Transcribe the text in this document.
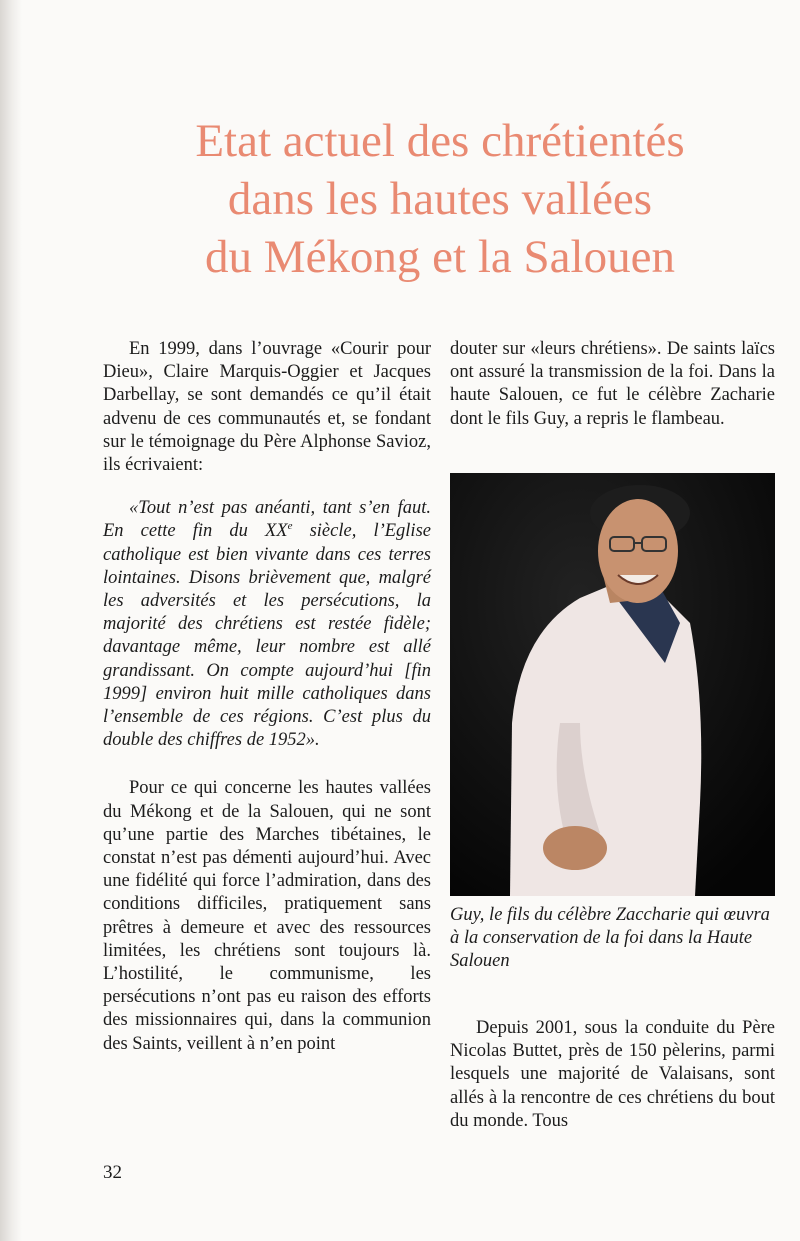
Etat actuel des chrétientés
dans les hautes vallées
du Mékong et la Salouen

En 1999, dans l’ouvrage «Courir pour Dieu», Claire Marquis-Oggier et Jacques Darbellay, se sont demandés ce qu’il était advenu de ces communautés et, se fondant sur le témoignage du Père Alphonse Savioz, ils écrivaient:

«Tout n’est pas anéanti, tant s’en faut. En cette fin du XXe siècle, l’Eglise catholique est bien vivante dans ces terres lointaines. Disons brièvement que, malgré les adversités et les persécutions, la majorité des chrétiens est restée fidèle; davantage même, leur nombre est allé grandissant. On compte aujourd’hui [fin 1999] environ huit mille catholiques dans l’ensemble de ces régions. C’est plus du double des chiffres de 1952».

Pour ce qui concerne les hautes vallées du Mékong et de la Salouen, qui ne sont qu’une partie des Marches tibétaines, le constat n’est pas démenti aujourd’hui. Avec une fidélité qui force l’admiration, dans des conditions difficiles, pratiquement sans prêtres à demeure et avec des ressources limitées, les chrétiens sont toujours là. L’hostilité, le communisme, les persécutions n’ont pas eu raison des efforts des missionnaires qui, dans la communion des Saints, veillent à n’en point

douter sur «leurs chrétiens». De saints laïcs ont assuré la transmission de la foi. Dans la haute Salouen, ce fut le célèbre Zacharie dont le fils Guy, a repris le flambeau.

Guy, le fils du célèbre Zaccharie qui œuvra à la conservation de la foi dans la Haute Salouen

Depuis 2001, sous la conduite du Père Nicolas Buttet, près de 150 pèlerins, parmi lesquels une majorité de Valaisans, sont allés à la rencontre de ces chrétiens du bout du monde. Tous

32
